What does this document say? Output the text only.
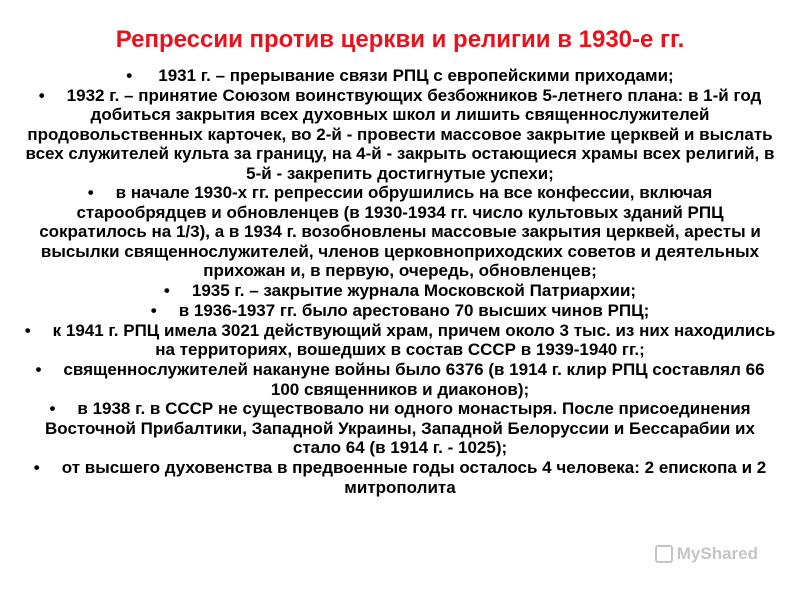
Репрессии против церкви и религии в 1930-е гг.
• 1931 г. – прерывание связи РПЦ с европейскими приходами;
• 1932 г. – принятие Союзом воинствующих безбожников 5-летнего плана: в 1-й год добиться закрытия всех духовных школ и лишить священнослужителей продовольственных карточек, во 2-й - провести массовое закрытие церквей и выслать всех служителей культа за границу, на 4-й - закрыть остающиеся храмы всех религий, в 5-й - закрепить достигнутые успехи;
• в начале 1930-х гг. репрессии обрушились на все конфессии, включая старообрядцев и обновленцев (в 1930-1934 гг. число культовых зданий РПЦ сократилось на 1/3), а в 1934 г. возобновлены массовые закрытия церквей, аресты и высылки священнослужителей, членов церковноприходских советов и деятельных прихожан и, в первую, очередь, обновленцев;
• 1935 г. – закрытие журнала Московской Патриархии;
• в 1936-1937 гг. было арестовано 70 высших чинов РПЦ;
• к 1941 г. РПЦ имела 3021 действующий храм, причем около 3 тыс. из них находились на территориях, вошедших в состав СССР в 1939-1940 гг.;
• священнослужителей накануне войны было 6376 (в 1914 г. клир РПЦ составлял 66 100 священников и диаконов);
• в 1938 г. в СССР не существовало ни одного монастыря. После присоединения Восточной Прибалтики, Западной Украины, Западной Белоруссии и Бессарабии их стало 64 (в 1914 г. - 1025);
• от высшего духовенства в предвоенные годы осталось 4 человека: 2 епископа и 2 митрополита
MyShared
